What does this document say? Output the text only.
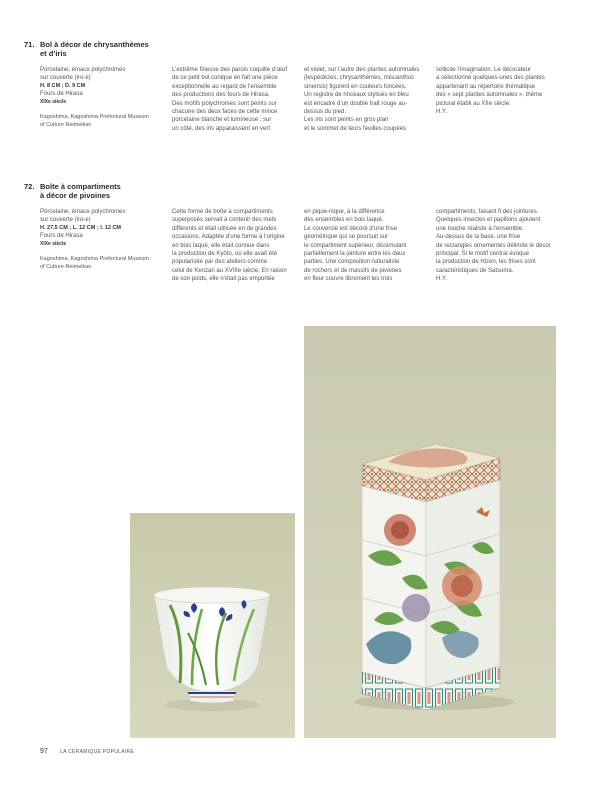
71. Bol à décor de chrysanthèmes
et d’iris
Porcelaine, émaux polychromes
sur couverte (iro-e)
H. 8 CM ; D. 9 CM
Fours de Hirasa
XIXe siècle
Kagoshima, Kagoshima Prefectural Museum
of Culture Reimeikan
L’extrême finesse des parois coquille d’œuf
de ce petit bol conique en fait une pièce
exceptionnelle au regard de l’ensemble
des productions des fours de Hirasa.
Des motifs polychromes sont peints sur
chacune des deux faces de cette mince
porcelaine blanche et lumineuse : sur
un côté, des iris apparaissent en vert
et violet, sur l’autre des plantes automnales
(lespédèzes, chrysanthèmes, miscanthus
sinensis) figurent en couleurs foncées.
Un registre de rinceaux stylisés en bleu
est encadré d’un double trait rouge au-
dessus du pied.
Les iris sont peints en gros plan
et le sommet de leurs feuilles coupées
sollicite l’imagination. Le décorateur
a sélectionné quelques-unes des plantes
appartenant au répertoire thématique
des « sept plantes automnales », thème
pictural établi au XIIe siècle.
H.Y.
72. Boîte à compartiments
à décor de pivoines
Porcelaine, émaux polychromes
sur couverte (iro-e)
H. 27,5 CM ; L. 12 CM ; l. 12 CM
Fours de Hirasa
XIXe siècle
Kagoshima, Kagoshima Prefectural Museum
of Culture Reimeikan
Cette forme de boîte à compartiments
superposés servait à contenir des mets
différents et était utilisée en de grandes
occasions. Adaptée d’une forme à l’origine
en bois laqué, elle était connue dans
la production de Kyōto, où elle avait été
popularisée par des ateliers comme
celui de Kenzan au XVIIIe siècle. En raison
de son poids, elle n’était pas emportée
en pique-nique, à la différence
des ensembles en bois laqué.
Le couvercle est décoré d’une frise
géométrique qui se poursuit sur
le compartiment supérieur, dissimulant
partiellement la jointure entre les deux
parties. Une composition naturaliste
de rochers et de massifs de pivoines
en fleur couvre librement les trois
compartiments, faisant fi des jointures.
Quelques insectes et papillons ajoutent
une touche réaliste à l’ensemble.
Au-dessus de la base, une frise
de rectangles ornementés délimite le décor
principal. Si le motif central évoque
la production de Hizen, les frises sont
caractéristiques de Satsuma.
H.Y.
97 LA CÉRAMIQUE POPULAIRE
